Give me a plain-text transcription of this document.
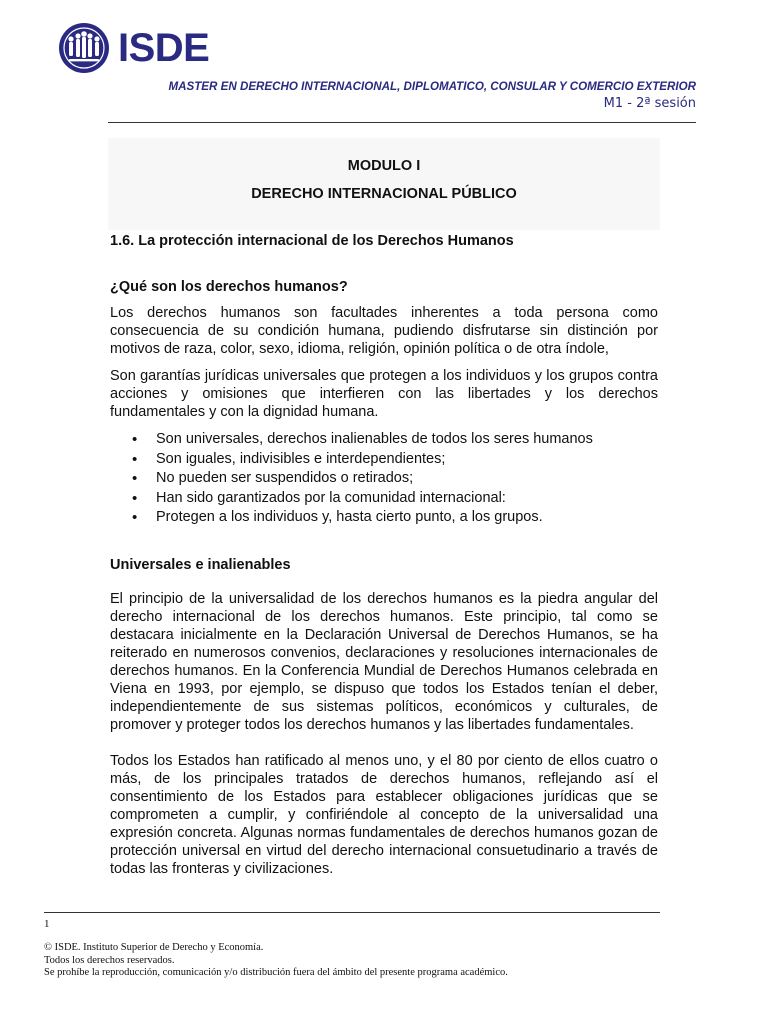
ISDE
MASTER EN DERECHO INTERNACIONAL, DIPLOMATICO, CONSULAR Y COMERCIO EXTERIOR
M1 - 2ª sesión
MODULO I
DERECHO INTERNACIONAL PÚBLICO
1.6. La protección internacional de los Derechos Humanos
¿Qué son los derechos humanos?

Los derechos humanos son facultades inherentes a toda persona como consecuencia de su condición humana, pudiendo disfrutarse sin distinción por motivos de raza, color, sexo, idioma, religión, opinión política o de otra índole,

Son garantías jurídicas universales que protegen a los individuos y los grupos contra acciones y omisiones que interfieren con las libertades y los derechos fundamentales y con la dignidad humana.

• Son universales, derechos inalienables de todos los seres humanos
• Son iguales, indivisibles e interdependientes;
• No pueden ser suspendidos o retirados;
• Han sido garantizados por la comunidad internacional:
• Protegen a los individuos y, hasta cierto punto, a los grupos.
Universales e inalienables

El principio de la universalidad de los derechos humanos es la piedra angular del derecho internacional de los derechos humanos. Este principio, tal como se destacara inicialmente en la Declaración Universal de Derechos Humanos, se ha reiterado en numerosos convenios, declaraciones y resoluciones internacionales de derechos humanos. En la Conferencia Mundial de Derechos Humanos celebrada en Viena en 1993, por ejemplo, se dispuso que todos los Estados tenían el deber, independientemente de sus sistemas políticos, económicos y culturales, de promover y proteger todos los derechos humanos y las libertades fundamentales.

Todos los Estados han ratificado al menos uno, y el 80 por ciento de ellos cuatro o más, de los principales tratados de derechos humanos, reflejando así el consentimiento de los Estados para establecer obligaciones jurídicas que se comprometen a cumplir, y confiriéndole al concepto de la universalidad una expresión concreta. Algunas normas fundamentales de derechos humanos gozan de protección universal en virtud del derecho internacional consuetudinario a través de todas las fronteras y civilizaciones.

1
© ISDE. Instituto Superior de Derecho y Economía.
Todos los derechos reservados.
Se prohíbe la reproducción, comunicación y/o distribución fuera del ámbito del presente programa académico.
